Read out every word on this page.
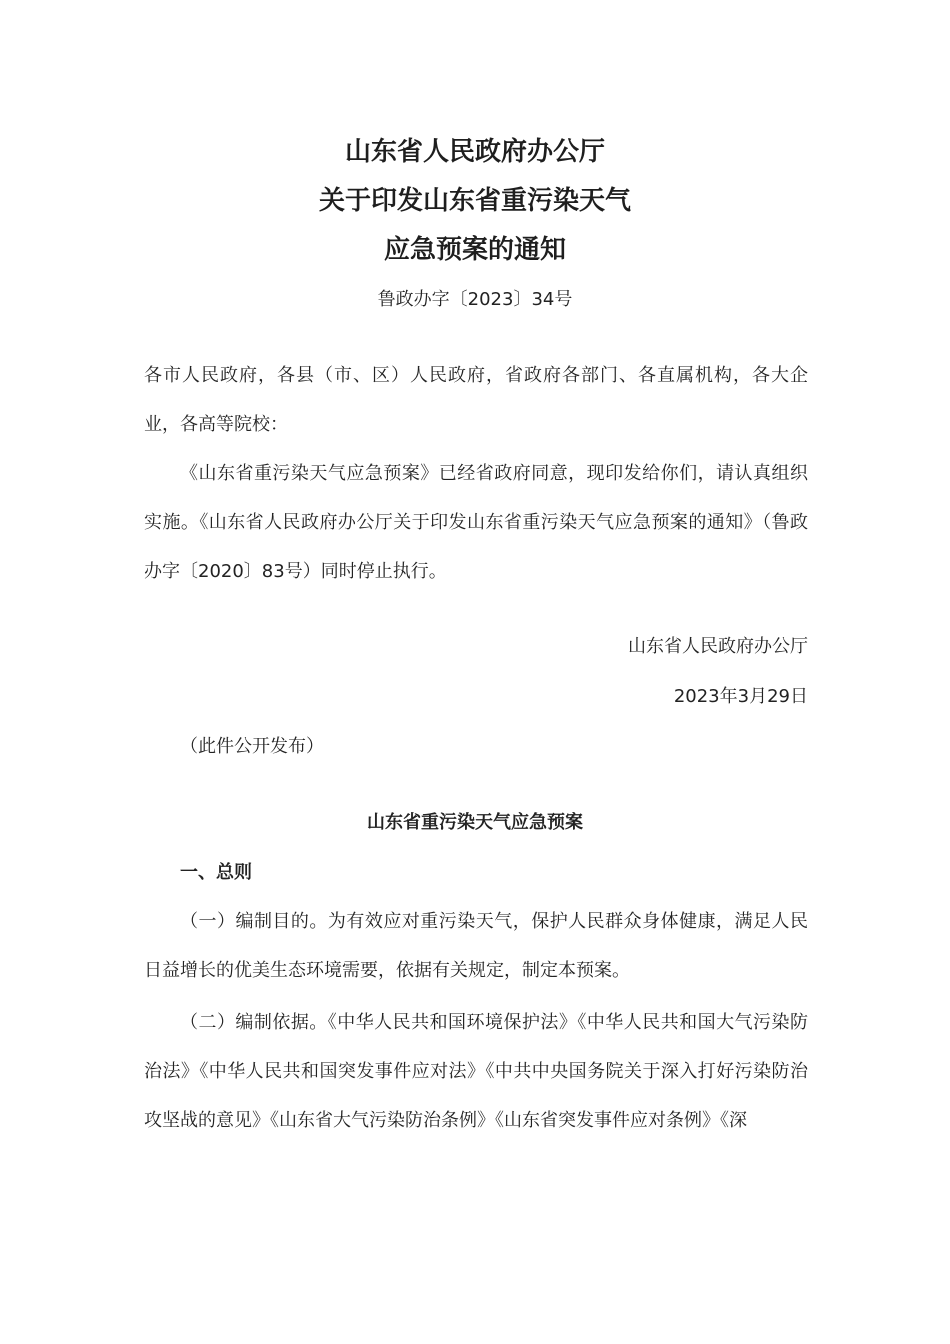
山东省人民政府办公厅
关于印发山东省重污染天气
应急预案的通知
鲁政办字〔2023〕34号
各市人民政府，各县（市、区）人民政府，省政府各部门、各直属机构，各大企业，各高等院校：
《山东省重污染天气应急预案》已经省政府同意，现印发给你们，请认真组织实施。《山东省人民政府办公厅关于印发山东省重污染天气应急预案的通知》（鲁政办字〔2020〕83号）同时停止执行。
山东省人民政府办公厅
2023年3月29日
（此件公开发布）
山东省重污染天气应急预案
一、总则
（一）编制目的。为有效应对重污染天气，保护人民群众身体健康，满足人民日益增长的优美生态环境需要，依据有关规定，制定本预案。
（二）编制依据。《中华人民共和国环境保护法》《中华人民共和国大气污染防治法》《中华人民共和国突发事件应对法》《中共中央国务院关于深入打好污染防治攻坚战的意见》《山东省大气污染防治条例》《山东省突发事件应对条例》《深
